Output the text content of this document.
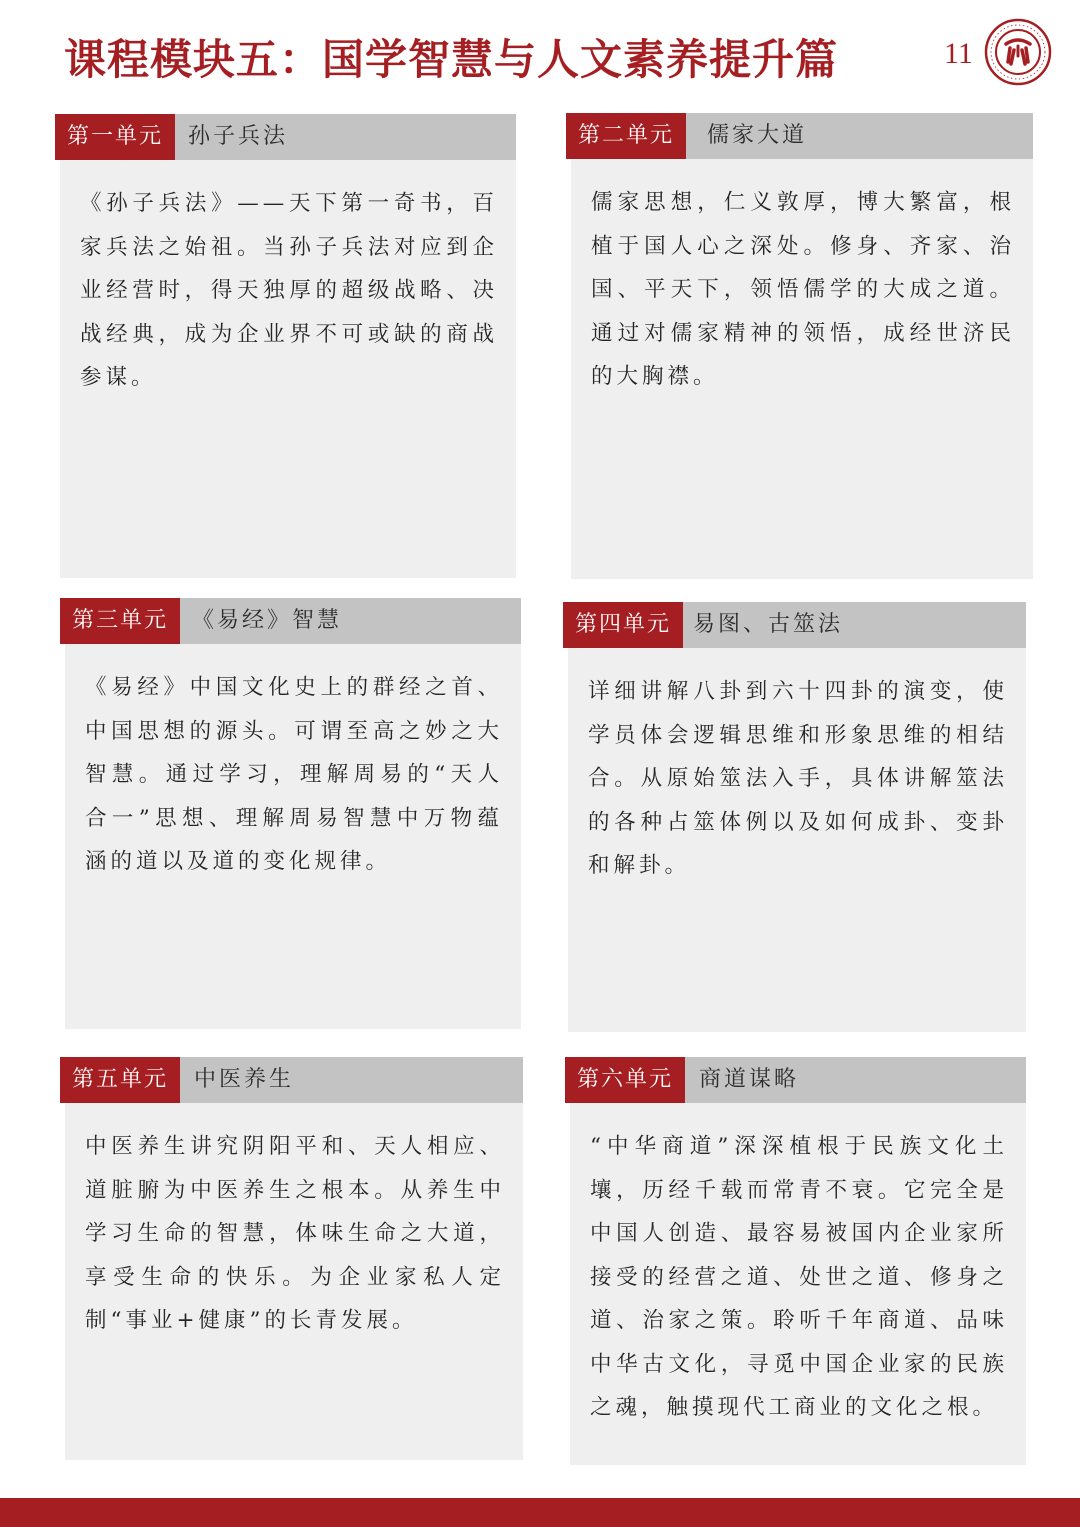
课程模块五：国学智慧与人文素养提升篇	11
第一单元	孙子兵法

《孙子兵法》——天下第一奇书，百家兵法之始祖。当孙子兵法对应到企业经营时，得天独厚的超级战略、决战经典，成为企业界不可或缺的商战参谋。

第二单元	儒家大道

儒家思想，仁义敦厚，博大繁富，根植于国人心之深处。修身、齐家、治国、平天下，领悟儒学的大成之道。通过对儒家精神的领悟，成经世济民的大胸襟。

第三单元	《易经》智慧

《易经》中国文化史上的群经之首、中国思想的源头。可谓至高之妙之大智慧。通过学习，理解周易的“天人合一”思想、理解周易智慧中万物蕴涵的道以及道的变化规律。

第四单元 易图、古筮法

详细讲解八卦到六十四卦的演变，使学员体会逻辑思维和形象思维的相结合。从原始筮法入手，具体讲解筮法的各种占筮体例以及如何成卦、变卦和解卦。

第五单元	中医养生

中医养生讲究阴阳平和、天人相应、道脏腑为中医养生之根本。从养生中学习生命的智慧，体味生命之大道，享受生命的快乐。为企业家私人定制“事业+健康”的长青发展。

第六单元	商道谋略

“中华商道”深深植根于民族文化土壤，历经千载而常青不衰。它完全是中国人创造、最容易被国内企业家所接受的经营之道、处世之道、修身之道、治家之策。聆听千年商道、品味中华古文化，寻觅中国企业家的民族之魂，触摸现代工商业的文化之根。
